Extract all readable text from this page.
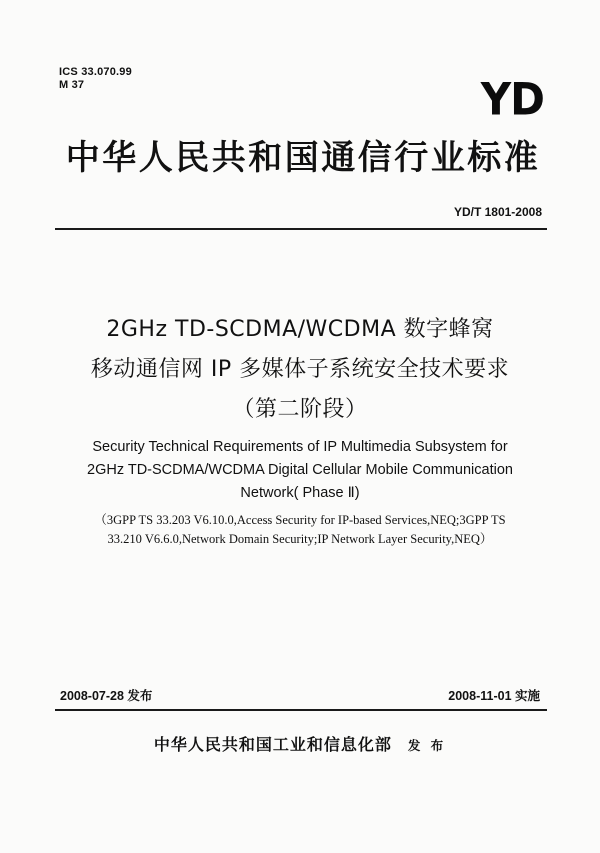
ICS 33.070.99
M 37	YD
中华人民共和国通信行业标准
YD/T 1801-2008
2GHz TD-SCDMA/WCDMA 数字蜂窝
移动通信网 IP 多媒体子系统安全技术要求
（第二阶段）
Security Technical Requirements of IP Multimedia Subsystem for
2GHz TD-SCDMA/WCDMA Digital Cellular Mobile Communication
Network( Phase Ⅱ)
（3GPP TS 33.203 V6.10.0,Access Security for IP-based Services,NEQ;3GPP TS
33.210 V6.6.0,Network Domain Security;IP Network Layer Security,NEQ）
2008-07-28 发布	2008-11-01 实施
中华人民共和国工业和信息化部 发 布
